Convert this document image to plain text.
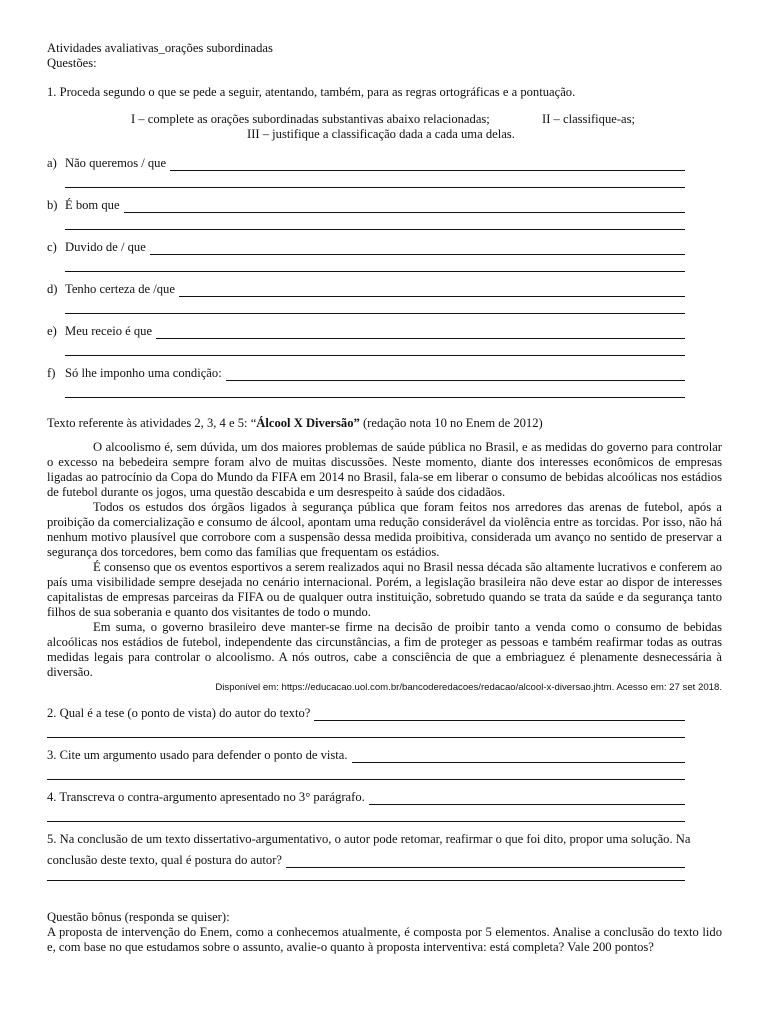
Atividades avaliativas_orações subordinadas
Questões:
1. Proceda segundo o que se pede a seguir, atentando, também, para as regras ortográficas e a pontuação.
I – complete as orações subordinadas substantivas abaixo relacionadas;	II – classifique-as;
III – justifique a classificação dada a cada uma delas.
a) Não queremos / que
b) É bom que
c) Duvido de / que
d) Tenho certeza de /que
e) Meu receio é que
f) Só lhe imponho uma condição:
Texto referente às atividades 2, 3, 4 e 5: “Álcool X Diversão” (redação nota 10 no Enem de 2012)

O alcoolismo é, sem dúvida, um dos maiores problemas de saúde pública no Brasil, e as medidas do governo para controlar o excesso na bebedeira sempre foram alvo de muitas discussões. Neste momento, diante dos interesses econômicos de empresas ligadas ao patrocínio da Copa do Mundo da FIFA em 2014 no Brasil, fala-se em liberar o consumo de bebidas alcoólicas nos estádios de futebol durante os jogos, uma questão descabida e um desrespeito à saúde dos cidadãos.

Todos os estudos dos órgãos ligados à segurança pública que foram feitos nos arredores das arenas de futebol, após a proibição da comercialização e consumo de álcool, apontam uma redução considerável da violência entre as torcidas. Por isso, não há nenhum motivo plausível que corrobore com a suspensão dessa medida proibitiva, considerada um avanço no sentido de preservar a segurança dos torcedores, bem como das famílias que frequentam os estádios.

É consenso que os eventos esportivos a serem realizados aqui no Brasil nessa década são altamente lucrativos e conferem ao país uma visibilidade sempre desejada no cenário internacional. Porém, a legislação brasileira não deve estar ao dispor de interesses capitalistas de empresas parceiras da FIFA ou de qualquer outra instituição, sobretudo quando se trata da saúde e da segurança tanto filhos de sua soberania e quanto dos visitantes de todo o mundo.

Em suma, o governo brasileiro deve manter-se firme na decisão de proibir tanto a venda como o consumo de bebidas alcoólicas nos estádios de futebol, independente das circunstâncias, a fim de proteger as pessoas e também reafirmar todas as outras medidas legais para controlar o alcoolismo. A nós outros, cabe a consciência de que a embriaguez é plenamente desnecessária à diversão.

Disponível em: https://educacao.uol.com.br/bancoderedacoes/redacao/alcool-x-diversao.jhtm. Acesso em: 27 set 2018.
2. Qual é a tese (o ponto de vista) do autor do texto?
3. Cite um argumento usado para defender o ponto de vista.
4. Transcreva o contra-argumento apresentado no 3° parágrafo.
5. Na conclusão de um texto dissertativo-argumentativo, o autor pode retomar, reafirmar o que foi dito, propor uma solução. Na
conclusão deste texto, qual é postura do autor?
Questão bônus (responda se quiser):
A proposta de intervenção do Enem, como a conhecemos atualmente, é composta por 5 elementos. Analise a conclusão do texto lido e, com base no que estudamos sobre o assunto, avalie-o quanto à proposta interventiva: está completa? Vale 200 pontos?
